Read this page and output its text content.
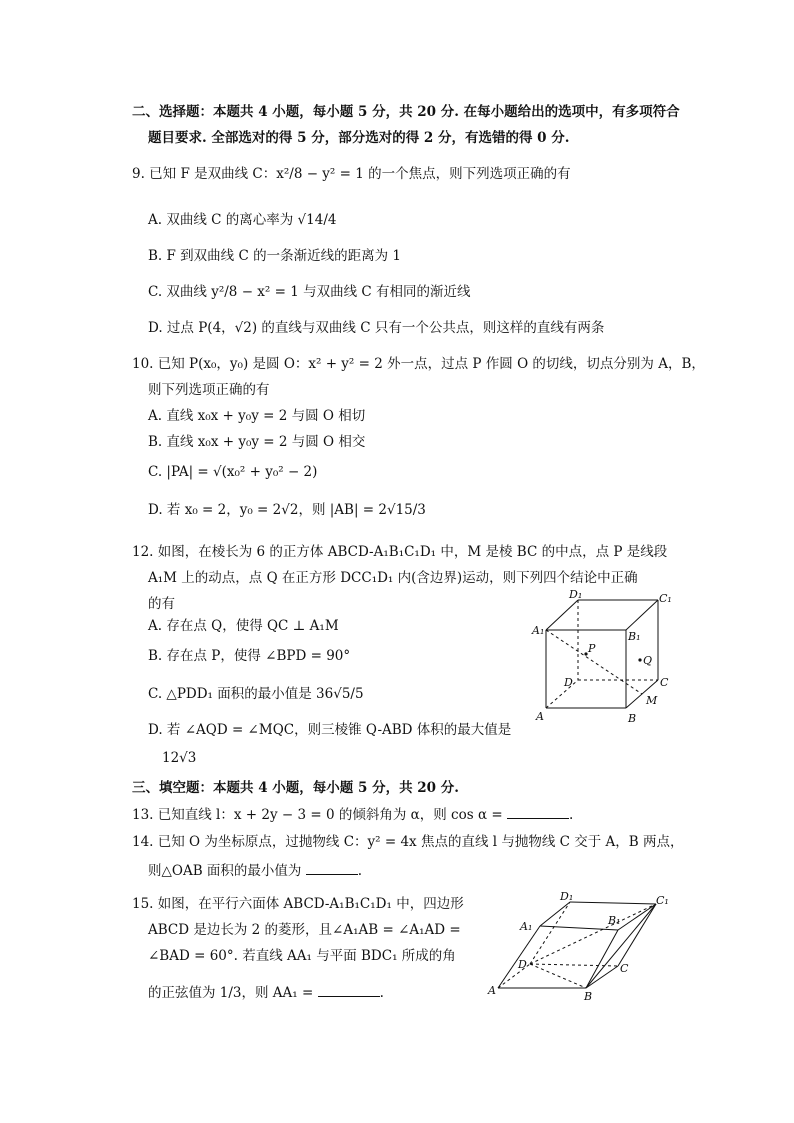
二、选择题：本题共 4 小题，每小题 5 分，共 20 分. 在每小题给出的选项中，有多项符合
题目要求. 全部选对的得 5 分，部分选对的得 2 分，有选错的得 0 分.
9. 已知 F 是双曲线 C：x²/8 − y² = 1 的一个焦点，则下列选项正确的有
A. 双曲线 C 的离心率为 √14/4
B. F 到双曲线 C 的一条渐近线的距离为 1
C. 双曲线 y²/8 − x² = 1 与双曲线 C 有相同的渐近线
D. 过点 P(4，√2) 的直线与双曲线 C 只有一个公共点，则这样的直线有两条
10. 已知 P(x₀，y₀) 是圆 O：x² + y² = 2 外一点，过点 P 作圆 O 的切线，切点分别为 A，B，
则下列选项正确的有
A. 直线 x₀x + y₀y = 2 与圆 O 相切
B. 直线 x₀x + y₀y = 2 与圆 O 相交
C. |PA| = √(x₀² + y₀² − 2)
D. 若 x₀ = 2，y₀ = 2√2，则 |AB| = 2√15/3
12. 如图，在棱长为 6 的正方体 ABCD-A₁B₁C₁D₁ 中，M 是棱 BC 的中点，点 P 是线段
A₁M 上的动点，点 Q 在正方形 DCC₁D₁ 内(含边界)运动，则下列四个结论中正确
的有
A. 存在点 Q，使得 QC ⊥ A₁M
B. 存在点 P，使得 ∠BPD = 90°
C. △PDD₁ 面积的最小值是 36√5/5
D. 若 ∠AQD = ∠MQC，则三棱锥 Q-ABD 体积的最大值是
12√3
D₁	C₁
A₁	B₁
P
Q
D	C
M
A	B
三、填空题：本题共 4 小题，每小题 5 分，共 20 分.
13. 已知直线 l：x + 2y − 3 = 0 的倾斜角为 α，则 cos α =	.
14. 已知 O 为坐标原点，过抛物线 C：y² = 4x 焦点的直线 l 与抛物线 C 交于 A，B 两点，
则△OAB 面积的最小值为	.
15. 如图，在平行六面体 ABCD-A₁B₁C₁D₁ 中，四边形
ABCD 是边长为 2 的菱形，且∠A₁AB = ∠A₁AD =
∠BAD = 60°. 若直线 AA₁ 与平面 BDC₁ 所成的角
的正弦值为 1/3，则 AA₁ =	.
D₁
B₁
C₁
A₁
D	C
A	B
